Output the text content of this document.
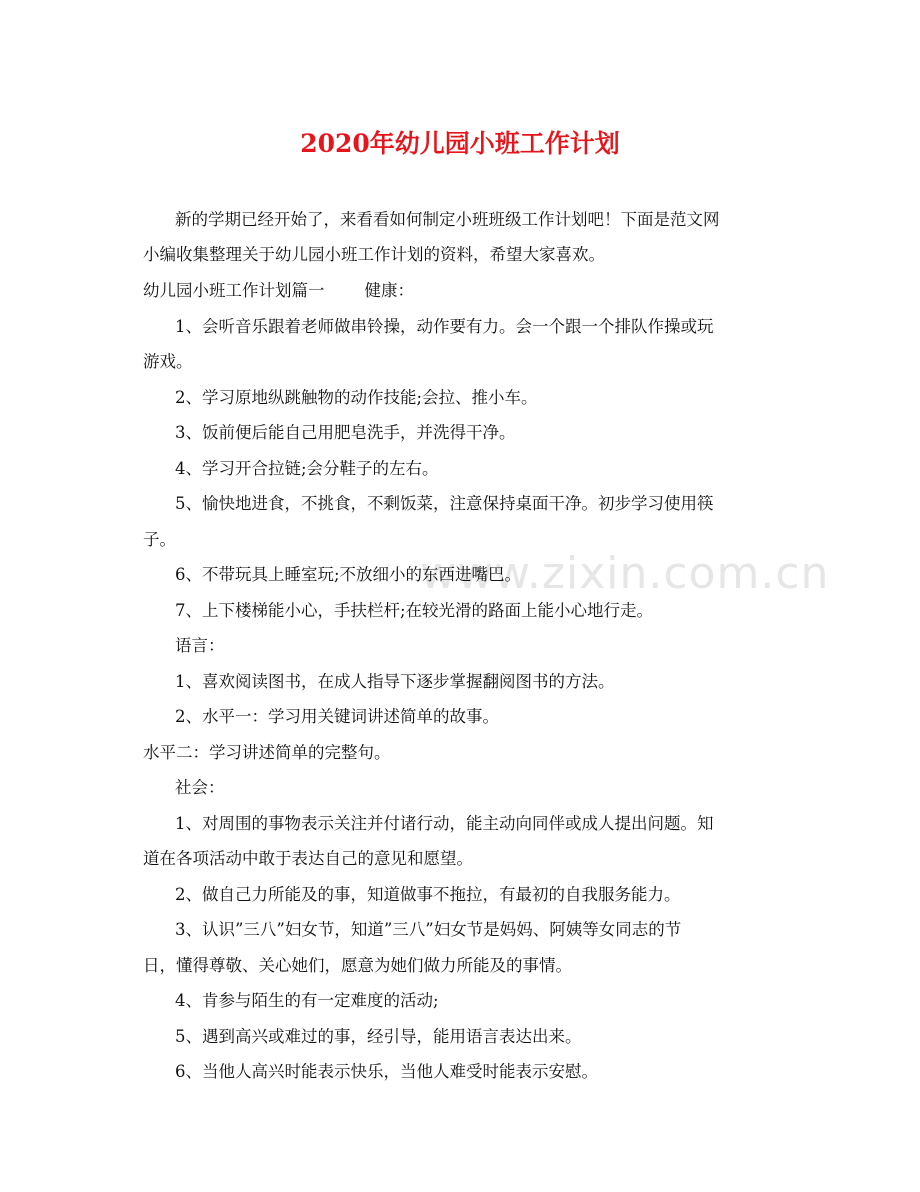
www.zixin.com.cn
2020年幼儿园小班工作计划
新的学期已经开始了，来看看如何制定小班班级工作计划吧！下面是范文网
小编收集整理关于幼儿园小班工作计划的资料，希望大家喜欢。
幼儿园小班工作计划篇一 健康：
1、会听音乐跟着老师做串铃操，动作要有力。会一个跟一个排队作操或玩
游戏。
2、学习原地纵跳触物的动作技能;会拉、推小车。
3、饭前便后能自己用肥皂洗手，并洗得干净。
4、学习开合拉链;会分鞋子的左右。
5、愉快地进食，不挑食，不剩饭菜，注意保持桌面干净。初步学习使用筷
子。
6、不带玩具上睡室玩;不放细小的东西进嘴巴。
7、上下楼梯能小心，手扶栏杆;在较光滑的路面上能小心地行走。
语言：
1、喜欢阅读图书，在成人指导下逐步掌握翻阅图书的方法。
2、水平一：学习用关键词讲述简单的故事。
水平二：学习讲述简单的完整句。
社会：
1、对周围的事物表示关注并付诸行动，能主动向同伴或成人提出问题。知
道在各项活动中敢于表达自己的意见和愿望。
2、做自己力所能及的事，知道做事不拖拉，有最初的自我服务能力。
3、认识”三八”妇女节，知道”三八”妇女节是妈妈、阿姨等女同志的节
日，懂得尊敬、关心她们，愿意为她们做力所能及的事情。
4、肯参与陌生的有一定难度的活动;
5、遇到高兴或难过的事，经引导，能用语言表达出来。
6、当他人高兴时能表示快乐，当他人难受时能表示安慰。
